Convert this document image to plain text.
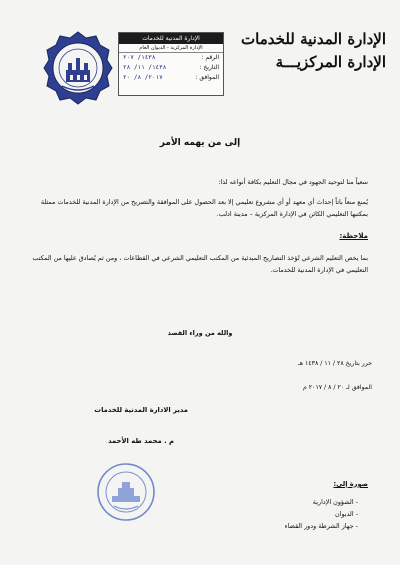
الإدارة المدنية للخدمات
الإدارة المركزيـــة
الإدارة المدنية للخدمات
الإدارة المركزية - الديوان العام
الرقم :
١٤٣٨/ ٢٠٧
التاريخ :
١٤٣٨/ ١١/ ٢٨
الموافق :
٢٠١٧/ ٨/ ٢٠
إلى من يهمه الأمر
سعياً منا لتوحيد الجهود في مجال التعليم بكافة أنواعه لذا:
يُمنع منعاً باتاً إحداث أي معهد أو أي مشروع تعليمي إلا بعد الحصول على الموافقة والتصريح من الإدارة المدنية للخدمات ممثلة بمكتبها التعليمي الكائن في الإدارة المركزية – مدينة ادلب.
ملاحظة:
بما يخص التعليم الشرعي تُؤخذ التصاريح المبدئية من المكتب التعليمي الشرعي في القطاعات ، ومن ثم يُصادق عليها من المكتب التعليمي في الإدارة المدنية للخدمات.
والله من وراء القصد
حرر بتاريخ ٢٨ / ١١ / ١٤٣٨ هـ
الموافق لـ ٢٠ / ٨ / ٢٠١٧ م
مدير الادارة المدنية للخدمات
م . محمد طه الأحمد
صورة إلى:
- الشؤون الإدارية
- الديوان
- جهاز الشرطة ودور القضاء
